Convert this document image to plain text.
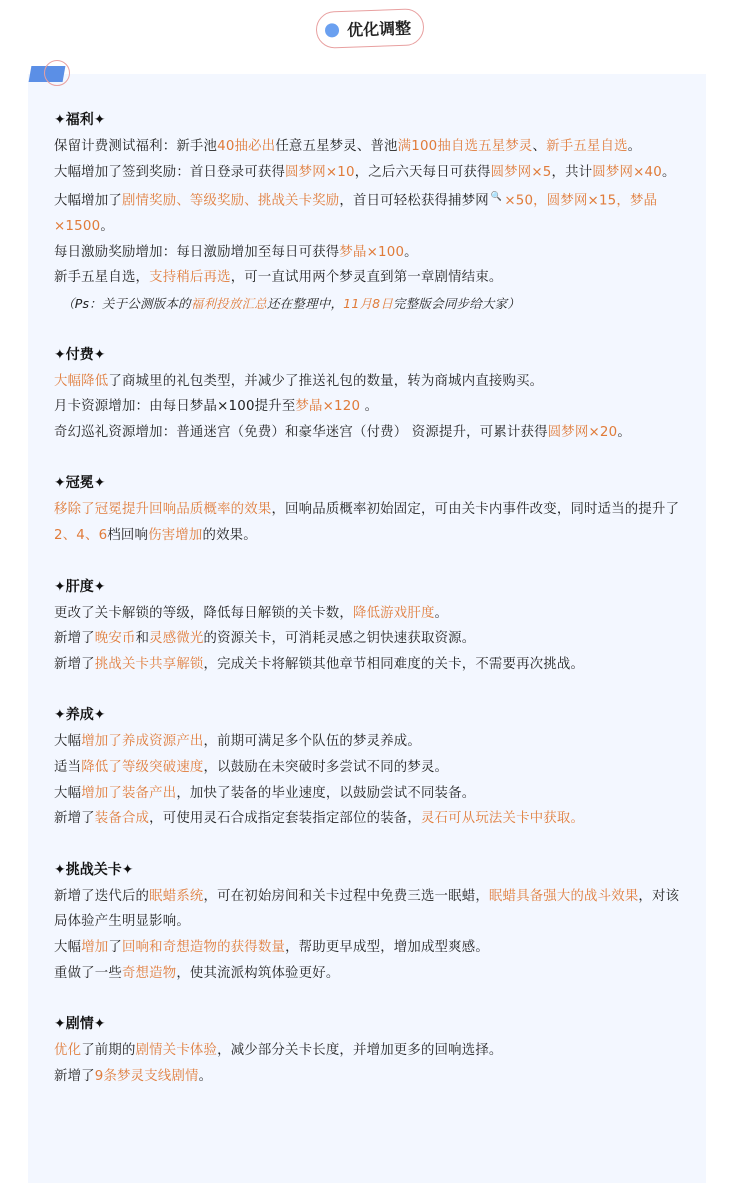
优化调整
✦福利✦

保留计费测试福利：新手池40抽必出任意五星梦灵、普池满100抽自选五星梦灵、新手五星自选。

大幅增加了签到奖励：首日登录可获得圆梦网×10，之后六天每日可获得圆梦网×5，共计圆梦网×40。

大幅增加了剧情奖励、等级奖励、挑战关卡奖励，首日可轻松获得捕梦网 🔍 ×50，圆梦网×15，梦晶×1500。

每日激励奖励增加：每日激励增加至每日可获得梦晶×100。

新手五星自选，支持稍后再选，可一直试用两个梦灵直到第一章剧情结束。

（Ps：关于公测版本的福利投放汇总还在整理中，11月8日完整版会同步给大家）

✦付费✦

大幅降低了商城里的礼包类型，并减少了推送礼包的数量，转为商城内直接购买。

月卡资源增加：由每日梦晶×100提升至梦晶×120 。

奇幻巡礼资源增加：普通迷宫（免费）和豪华迷宫（付费） 资源提升，可累计获得圆梦网×20。

✦冠冕✦

移除了冠冕提升回响品质概率的效果，回响品质概率初始固定，可由关卡内事件改变，同时适当的提升了2、4、6档回响伤害增加的效果。

✦肝度✦

更改了关卡解锁的等级，降低每日解锁的关卡数，降低游戏肝度。

新增了晚安币和灵感微光的资源关卡，可消耗灵感之钥快速获取资源。

新增了挑战关卡共享解锁，完成关卡将解锁其他章节相同难度的关卡，不需要再次挑战。

✦养成✦

大幅增加了养成资源产出，前期可满足多个队伍的梦灵养成。

适当降低了等级突破速度，以鼓励在未突破时多尝试不同的梦灵。

大幅增加了装备产出，加快了装备的毕业速度，以鼓励尝试不同装备。

新增了装备合成，可使用灵石合成指定套装指定部位的装备，灵石可从玩法关卡中获取。

✦挑战关卡✦

新增了迭代后的眠蜡系统，可在初始房间和关卡过程中免费三选一眠蜡，眠蜡具备强大的战斗效果，对该局体验产生明显影响。

大幅增加了回响和奇想造物的获得数量，帮助更早成型，增加成型爽感。

重做了一些奇想造物，使其流派构筑体验更好。

✦剧情✦

优化了前期的剧情关卡体验，减少部分关卡长度，并增加更多的回响选择。

新增了9条梦灵支线剧情。
